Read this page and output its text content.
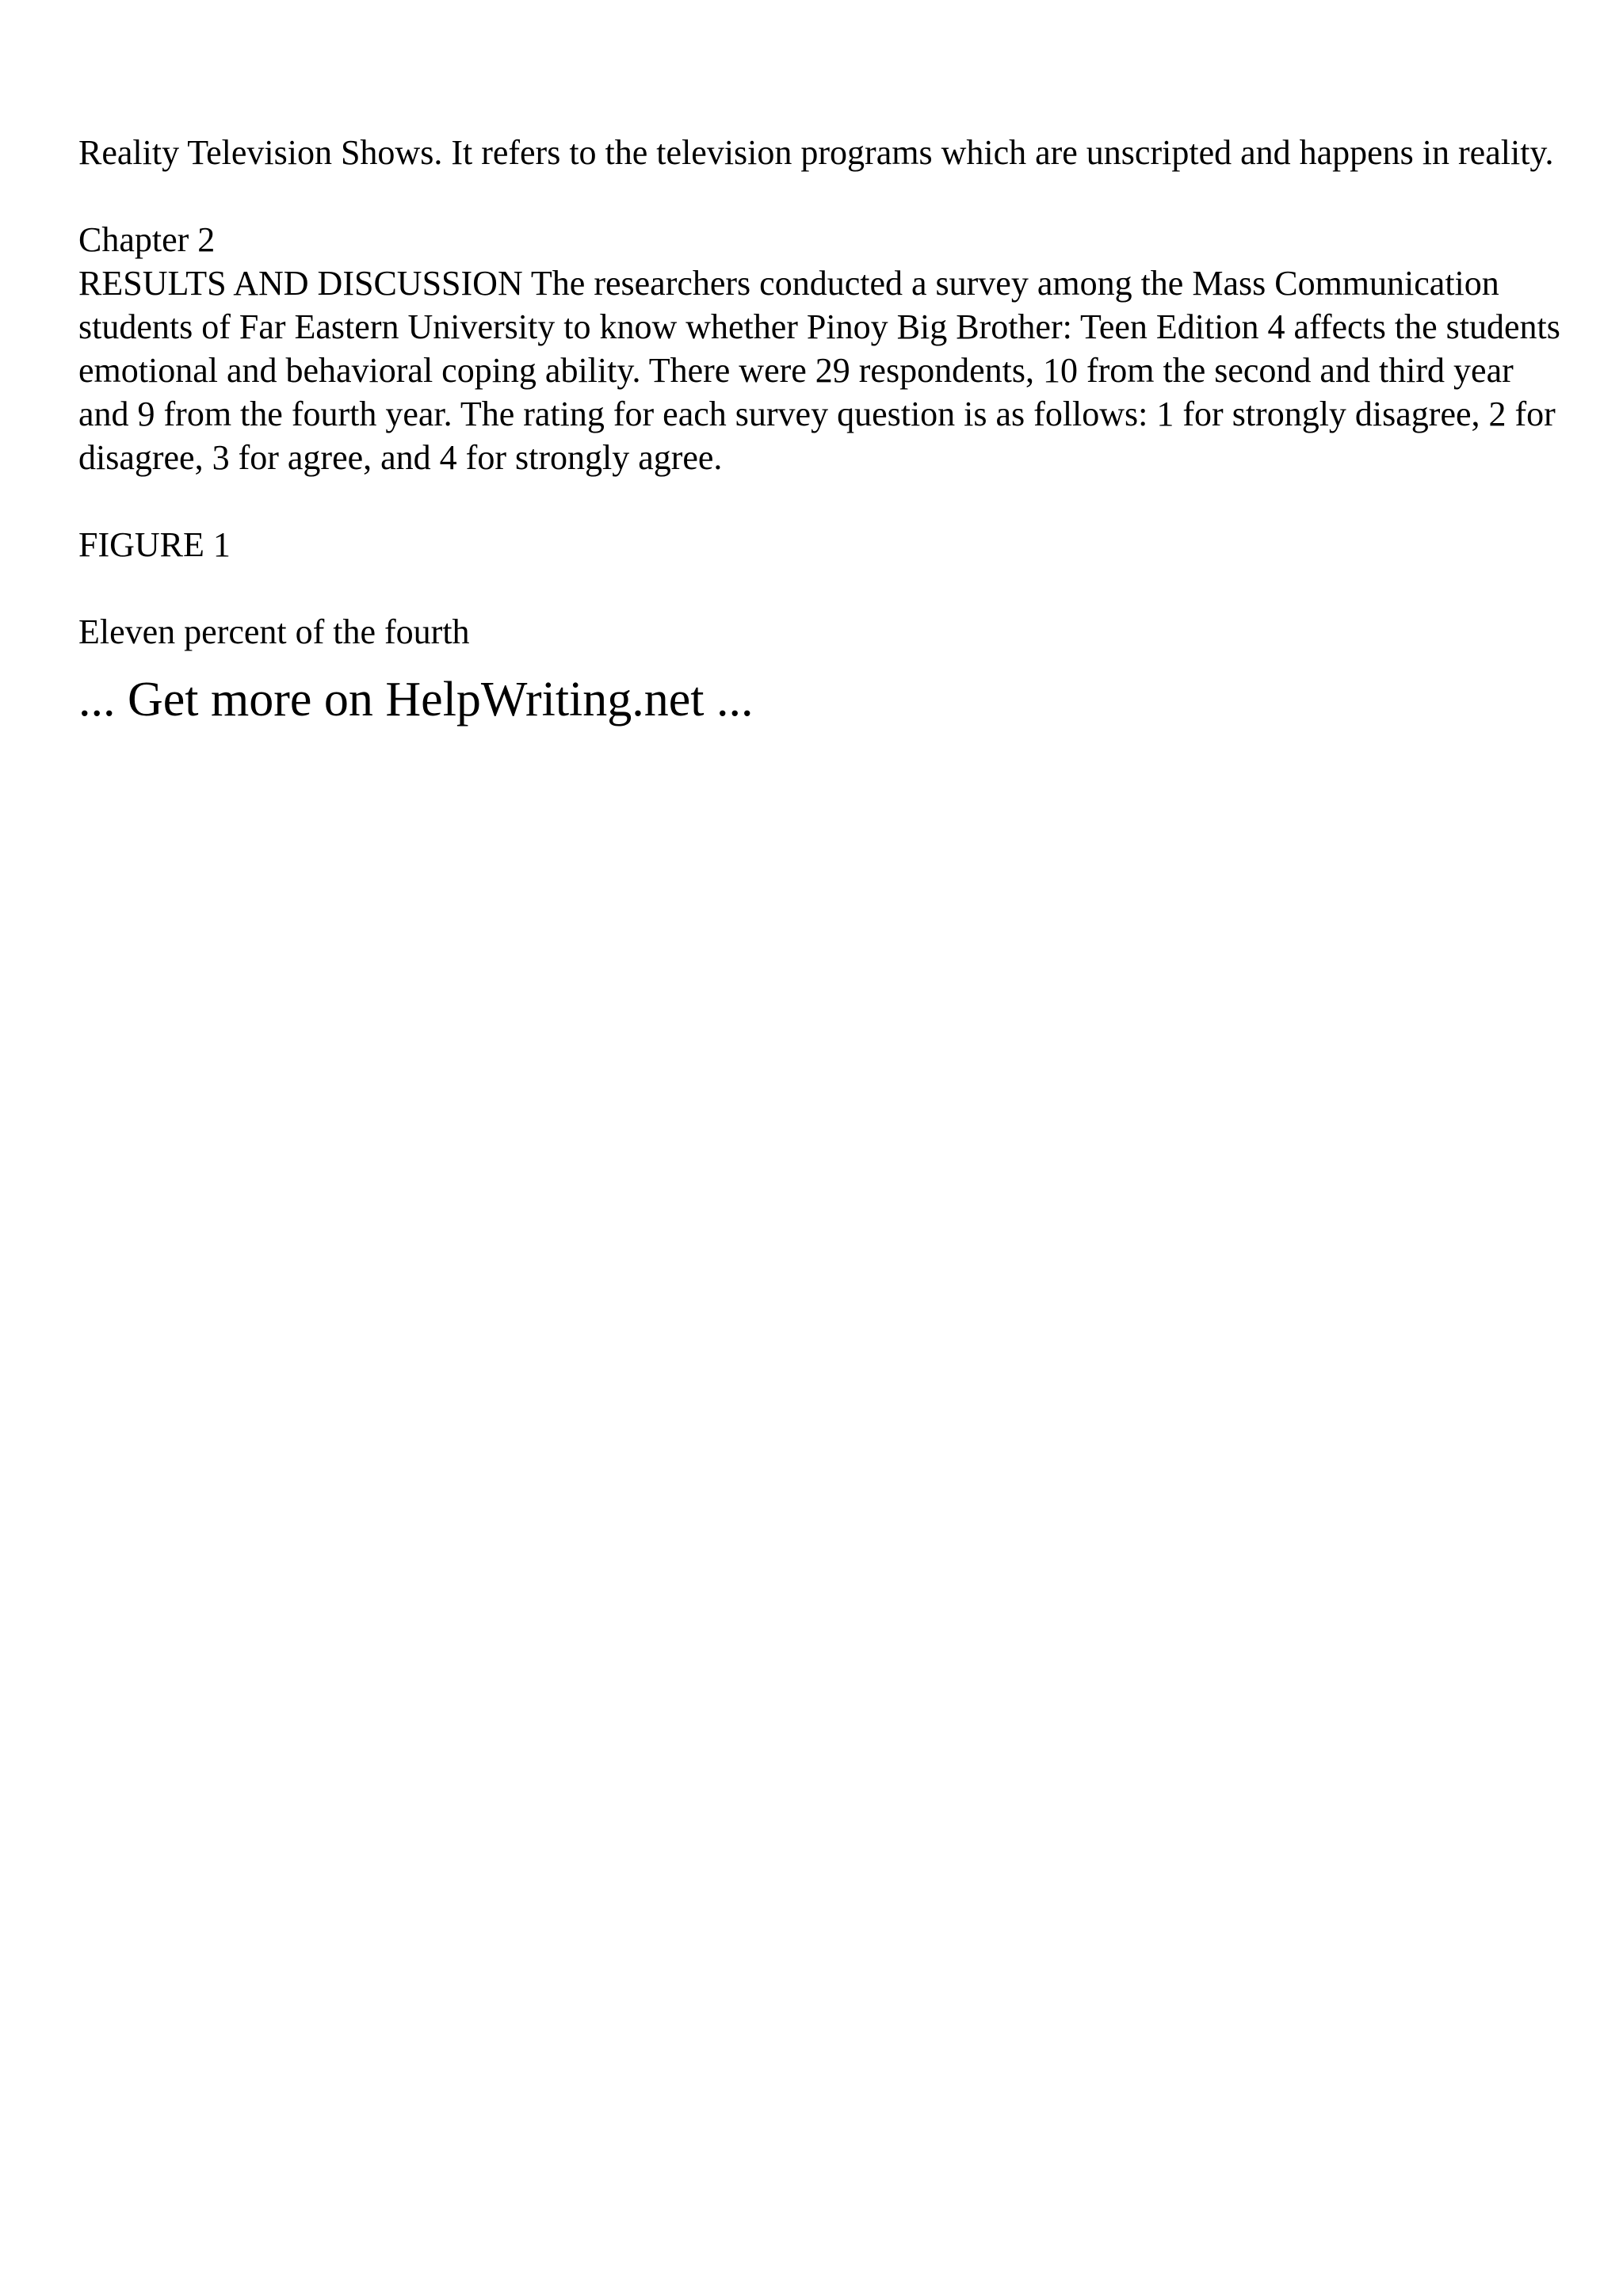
Reality Television Shows. It refers to the television programs which are unscripted and happens in reality.

Chapter 2
RESULTS AND DISCUSSION The researchers conducted a survey among the Mass Communication students of Far Eastern University to know whether Pinoy Big Brother: Teen Edition 4 affects the students emotional and behavioral coping ability. There were 29 respondents, 10 from the second and third year and 9 from the fourth year. The rating for each survey question is as follows: 1 for strongly disagree, 2 for disagree, 3 for agree, and 4 for strongly agree.

FIGURE 1

Eleven percent of the fourth

... Get more on HelpWriting.net ...
